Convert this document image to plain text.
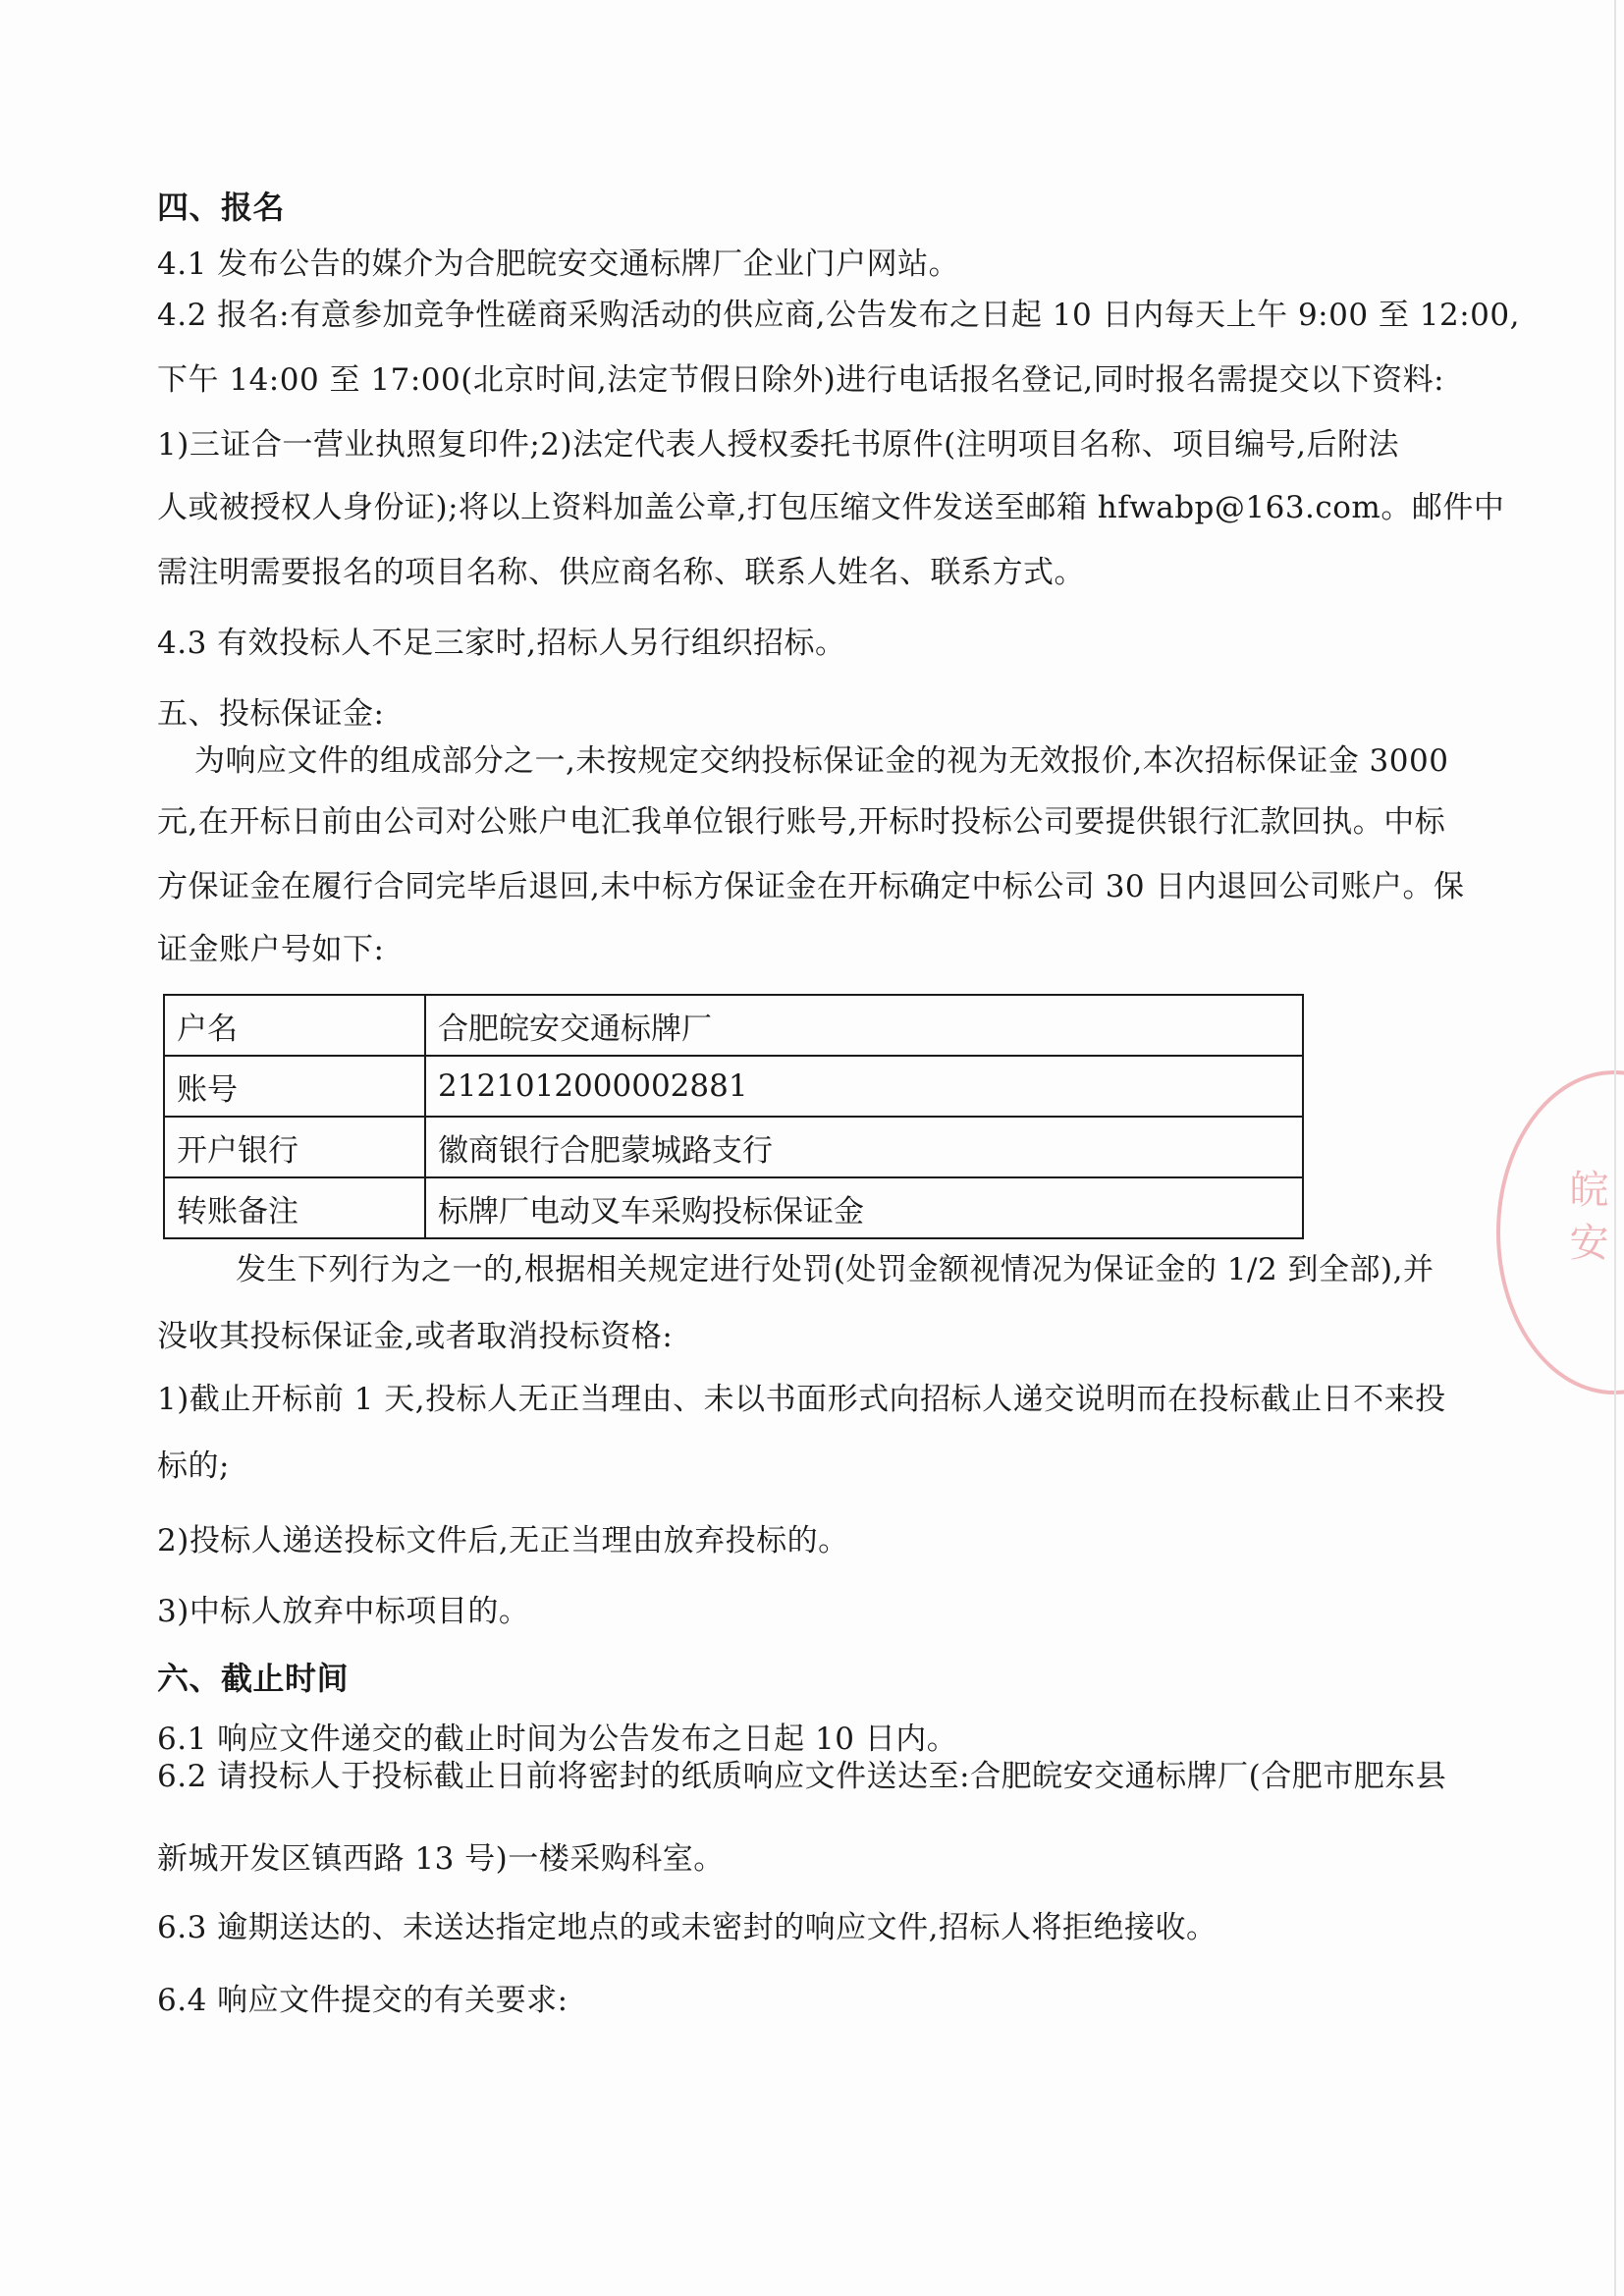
四、报名
4.1 发布公告的媒介为合肥皖安交通标牌厂企业门户网站。
4.2 报名:有意参加竞争性磋商采购活动的供应商,公告发布之日起 10 日内每天上午 9:00 至 12:00,
下午 14:00 至 17:00(北京时间,法定节假日除外)进行电话报名登记,同时报名需提交以下资料:
1)三证合一营业执照复印件;2)法定代表人授权委托书原件(注明项目名称、项目编号,后附法
人或被授权人身份证);将以上资料加盖公章,打包压缩文件发送至邮箱 hfwabp@163.com。邮件中
需注明需要报名的项目名称、供应商名称、联系人姓名、联系方式。
4.3 有效投标人不足三家时,招标人另行组织招标。
五、投标保证金:
为响应文件的组成部分之一,未按规定交纳投标保证金的视为无效报价,本次招标保证金 3000
元,在开标日前由公司对公账户电汇我单位银行账号,开标时投标公司要提供银行汇款回执。中标
方保证金在履行合同完毕后退回,未中标方保证金在开标确定中标公司 30 日内退回公司账户。保
证金账户号如下:
户名	合肥皖安交通标牌厂
账号	2121012000002881
开户银行	徽商银行合肥蒙城路支行
转账备注	标牌厂电动叉车采购投标保证金
发生下列行为之一的,根据相关规定进行处罚(处罚金额视情况为保证金的 1/2 到全部),并
没收其投标保证金,或者取消投标资格:
1)截止开标前 1 天,投标人无正当理由、未以书面形式向招标人递交说明而在投标截止日不来投
标的;
2)投标人递送投标文件后,无正当理由放弃投标的。
3)中标人放弃中标项目的。
六、截止时间
6.1 响应文件递交的截止时间为公告发布之日起 10 日内。
6.2 请投标人于投标截止日前将密封的纸质响应文件送达至:合肥皖安交通标牌厂(合肥市肥东县
新城开发区镇西路 13 号)一楼采购科室。
6.3 逾期送达的、未送达指定地点的或未密封的响应文件,招标人将拒绝接收。
6.4 响应文件提交的有关要求:
皖安
